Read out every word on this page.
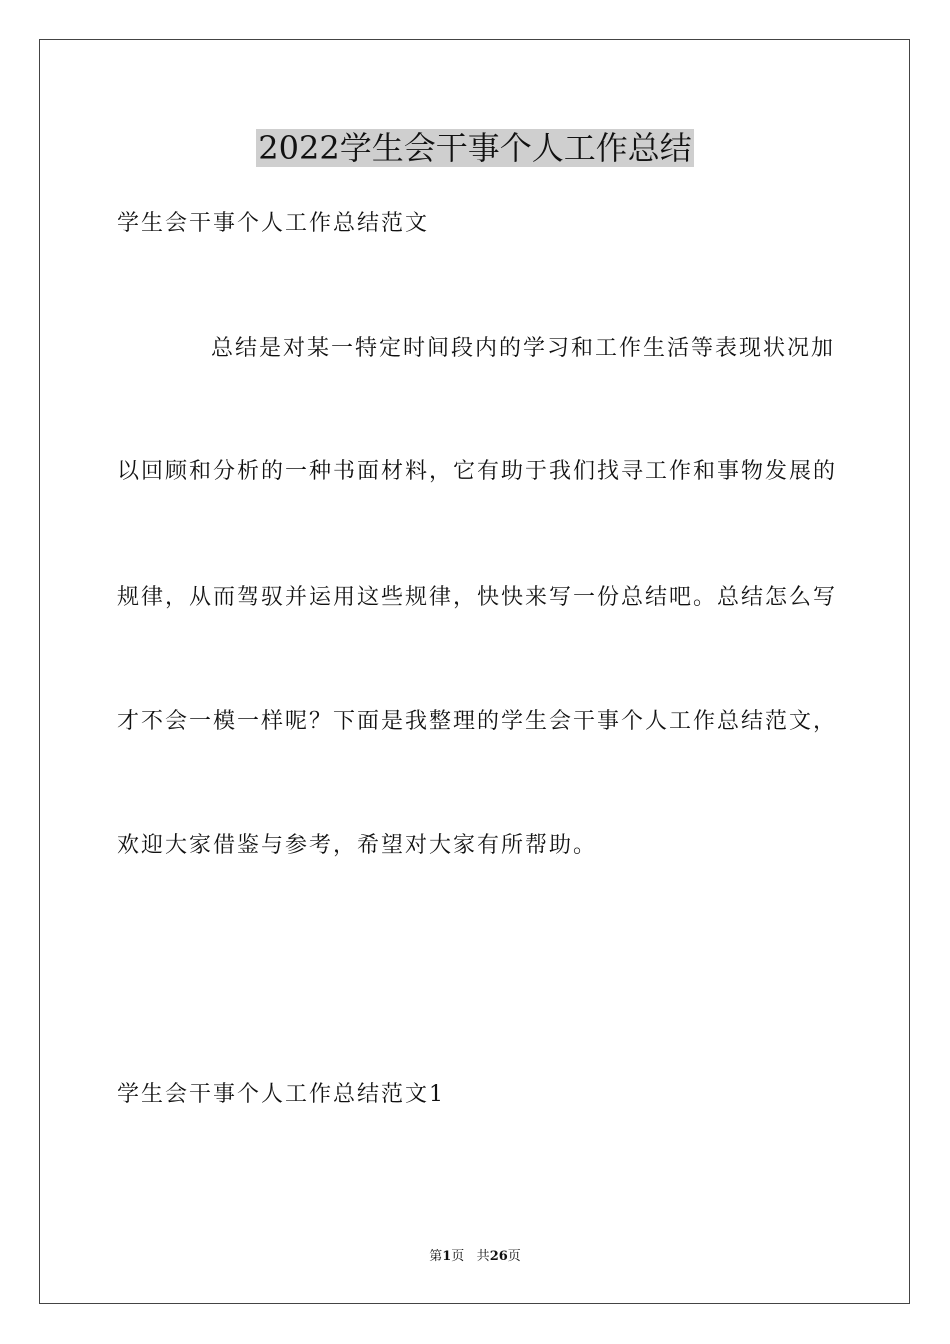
2022学生会干事个人工作总结
学生会干事个人工作总结范文
总结是对某一特定时间段内的学习和工作生活等表现状况加
以回顾和分析的一种书面材料，它有助于我们找寻工作和事物发展的
规律，从而驾驭并运用这些规律，快快来写一份总结吧。总结怎么写
才不会一模一样呢？下面是我整理的学生会干事个人工作总结范文，
欢迎大家借鉴与参考，希望对大家有所帮助。
学生会干事个人工作总结范文1
第1页 共26页
